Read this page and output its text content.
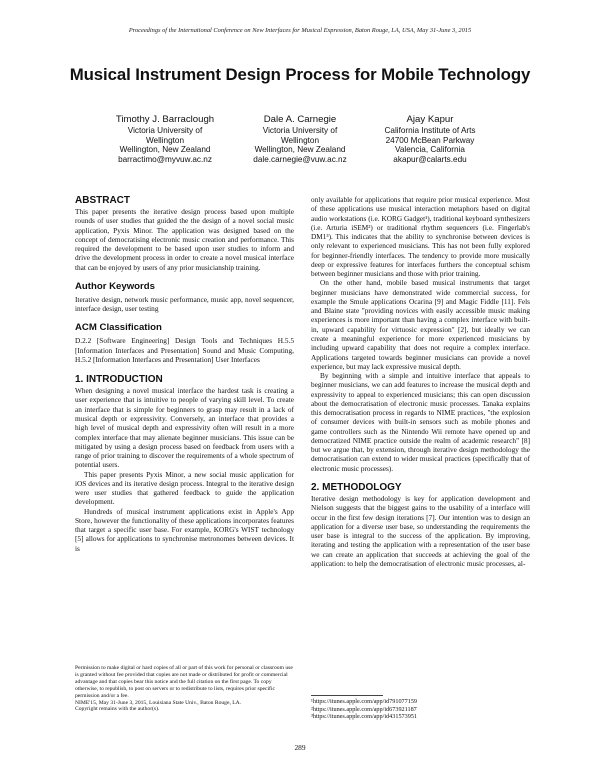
Proceedings of the International Conference on New Interfaces for Musical Expression, Baton Rouge, LA, USA, May 31-June 3, 2015
Musical Instrument Design Process for Mobile Technology
Timothy J. Barraclough
Victoria University of
Wellington
Wellington, New Zealand
barractimo@myvuw.ac.nz
Dale A. Carnegie
Victoria University of
Wellington
Wellington, New Zealand
dale.carnegie@vuw.ac.nz
Ajay Kapur
California Institute of Arts
24700 McBean Parkway
Valencia, California
akapur@calarts.edu
ABSTRACT

This paper presents the iterative design process based upon multiple rounds of user studies that guided the the design of a novel social music application, Pyxis Minor. The application was designed based on the concept of democratising electronic music creation and performance. This required the development to be based upon user studies to inform and drive the development process in order to create a novel musical interface that can be enjoyed by users of any prior musicianship training.

Author Keywords

Iterative design, network music performance, music app, novel sequencer, interface design, user testing

ACM Classification

D.2.2 [Software Engineering] Design Tools and Techniques H.5.5 [Information Interfaces and Presentation] Sound and Music Computing, H.5.2 [Information Interfaces and Presentation] User Interfaces

1. INTRODUCTION

When designing a novel musical interface the hardest task is creating a user experience that is intuitive to people of varying skill level. To create an interface that is simple for beginners to grasp may result in a lack of musical depth or expressivity. Conversely, an interface that provides a high level of musical depth and expressivity often will result in a more complex interface that may alienate beginner musicians. This issue can be mitigated by using a design process based on feedback from users with a range of prior training to discover the requirements of a whole spectrum of potential users.

This paper presents Pyxis Minor, a new social music application for iOS devices and its iterative design process. Integral to the iterative design were user studies that gathered feedback to guide the application development.

Hundreds of musical instrument applications exist in Apple's App Store, however the functionality of these applications incorporates features that target a specific user base. For example, KORG's WIST technology [5] allows for applications to synchronise metronomes between devices. It is

Permission to make digital or hard copies of all or part of this work for personal or classroom use is granted without fee provided that copies are not made or distributed for profit or commercial advantage and that copies bear this notice and the full citation on the first page. To copy otherwise, to republish, to post on servers or to redistribute to lists, requires prior specific permission and/or a fee.
NIME'15, May 31-June 3, 2015, Louisiana State Univ., Baton Rouge, LA.
Copyright remains with the author(s).

only available for applications that require prior musical experience. Most of these applications use musical interaction metaphors based on digital audio workstations (i.e. KORG Gadget¹), traditional keyboard synthesizers (i.e. Arturia iSEM²) or traditional rhythm sequencers (i.e. Fingerlab's DM1³). This indicates that the ability to synchronise between devices is only relevant to experienced musicians. This has not been fully explored for beginner-friendly interfaces. The tendency to provide more musically deep or expressive features for interfaces furthers the conceptual schism between beginner musicians and those with prior training.

On the other hand, mobile based musical instruments that target beginner musicians have demonstrated wide commercial success, for example the Smule applications Ocarina [9] and Magic Fiddle [11]. Fels and Blaine state "providing novices with easily accessible music making experiences is more important than having a complex interface with built-in, upward capability for virtuosic expression" [2], but ideally we can create a meaningful experience for more experienced musicians by including upward capability that does not require a complex interface. Applications targeted towards beginner musicians can provide a novel experience, but may lack expressive musical depth.

By beginning with a simple and intuitive interface that appeals to beginner musicians, we can add features to increase the musical depth and expressivity to appeal to experienced musicians; this can open discussion about the democratisation of electronic music processes. Tanaka explains this democratisation process in regards to NIME practices, "the explosion of consumer devices with built-in sensors such as mobile phones and game controllers such as the Nintendo Wii remote have opened up and democratized NIME practice outside the realm of academic research" [8] but we argue that, by extension, through iterative design methodology the democratisation can extend to wider musical practices (specifically that of electronic music processes).

2. METHODOLOGY

Iterative design methodology is key for application development and Nielson suggests that the biggest gains to the usability of a interface will occur in the first few design iterations [7]. Our intention was to design an application for a diverse user base, so understanding the requirements the user base is integral to the success of the application. By improving, iterating and testing the application with a representation of the user base we can create an application that succeeds at achieving the goal of the application: to help the democratisation of electronic music processes, al-

¹https://itunes.apple.com/app/id791077159
²https://itunes.apple.com/app/id673921187
³https://itunes.apple.com/app/id431573951
289
